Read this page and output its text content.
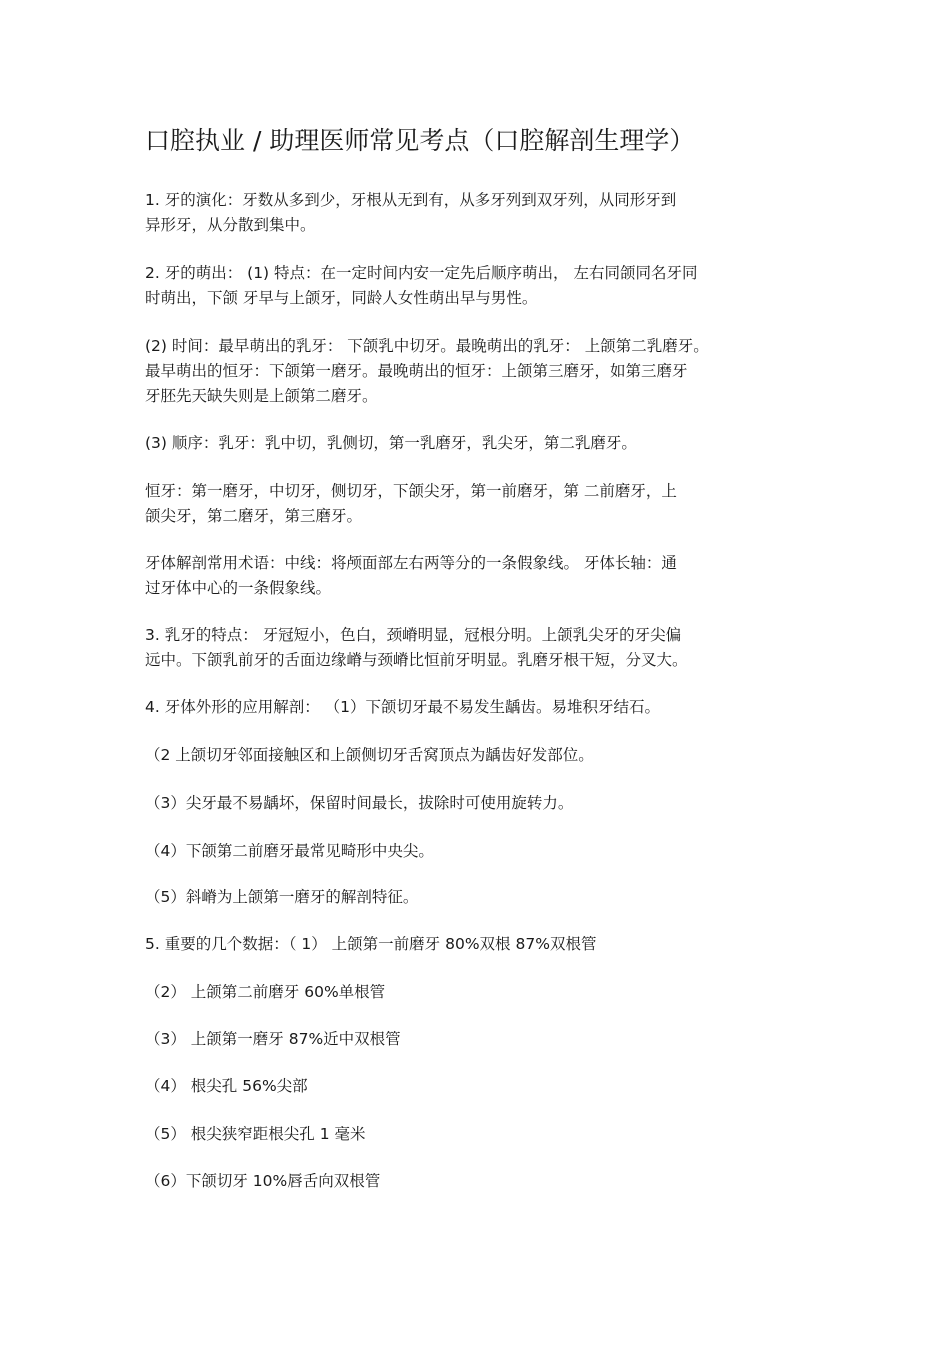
口腔执业 / 助理医师常见考点（口腔解剖生理学）
1. 牙的演化：牙数从多到少，牙根从无到有，从多牙列到双牙列，从同形牙到
异形牙，从分散到集中。
2. 牙的萌出： (1) 特点：在一定时间内安一定先后顺序萌出， 左右同颌同名牙同
时萌出，下颌 牙早与上颌牙，同龄人女性萌出早与男性。
(2) 时间：最早萌出的乳牙： 下颌乳中切牙。最晚萌出的乳牙： 上颌第二乳磨牙。
最早萌出的恒牙：下颌第一磨牙。最晚萌出的恒牙：上颌第三磨牙，如第三磨牙
牙胚先天缺失则是上颌第二磨牙。
(3) 顺序：乳牙：乳中切，乳侧切，第一乳磨牙，乳尖牙，第二乳磨牙。
恒牙：第一磨牙，中切牙，侧切牙，下颌尖牙，第一前磨牙，第 二前磨牙，上
颌尖牙，第二磨牙，第三磨牙。
牙体解剖常用术语：中线：将颅面部左右两等分的一条假象线。 牙体长轴：通
过牙体中心的一条假象线。
3. 乳牙的特点： 牙冠短小，色白，颈嵴明显，冠根分明。上颌乳尖牙的牙尖偏
远中。下颌乳前牙的舌面边缘嵴与颈嵴比恒前牙明显。乳磨牙根干短，分叉大。
4. 牙体外形的应用解剖： （1）下颌切牙最不易发生龋齿。易堆积牙结石。
（2 上颌切牙邻面接触区和上颌侧切牙舌窝顶点为龋齿好发部位。
（3）尖牙最不易龋坏，保留时间最长，拔除时可使用旋转力。
（4）下颌第二前磨牙最常见畸形中央尖。
（5）斜嵴为上颌第一磨牙的解剖特征。
5. 重要的几个数据：（ 1） 上颌第一前磨牙 80%双根 87%双根管
（2） 上颌第二前磨牙 60%单根管
（3） 上颌第一磨牙 87%近中双根管
（4） 根尖孔 56%尖部
（5） 根尖狭窄距根尖孔 1 毫米
（6）下颌切牙 10%唇舌向双根管
